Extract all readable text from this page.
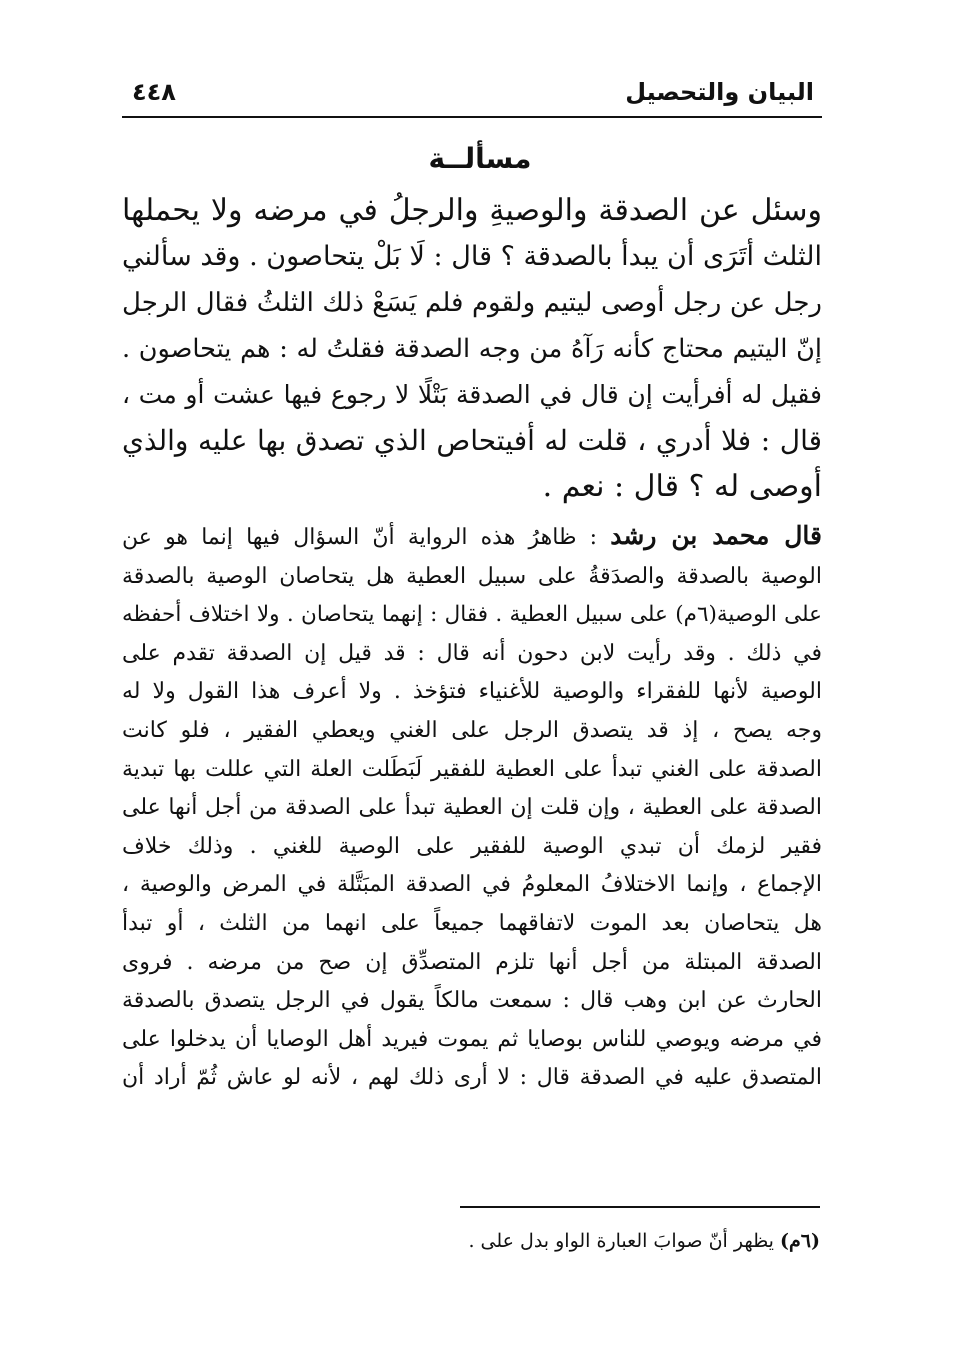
٤٤٨	البيان والتحصيل
مسألــة
وسئل عن الصدقة والوصيةِ والرجلُ في مرضه ولا يحملها
الثلث أتَرَى أن يبدأ بالصدقة ؟ قال : لَا بَلْ يتحاصون . وقد سألني
رجل عن رجل أوصى ليتيم ولقوم فلم يَسَعْ ذلك الثلثُ فقال الرجل
إنّ اليتيم محتاج كأنه رَآهُ من وجه الصدقة فقلتُ له : هم يتحاصون .
فقيل له أفرأيت إن قال في الصدقة بَتْلًا لا رجوع فيها عشت أو مت ،
قال : فلا أدري ، قلت له أفيتحاص الذي تصدق بها عليه والذي
أوصى له ؟ قال : نعم .
قال محمد بن رشد : ظاهرُ هذه الرواية أنّ السؤال فيها إنما هو عن
الوصية بالصدقة والصدَقةُ على سبيل العطية هل يتحاصان الوصية بالصدقة
على الوصية(٦م) على سبيل العطية . فقال : إنهما يتحاصان . ولا اختلاف أحفظه
في ذلك . وقد رأيت لابن دحون أنه قال : قد قيل إن الصدقة تقدم على
الوصية لأنها للفقراء والوصية للأغنياء فتؤخذ . ولا أعرف هذا القول ولا له
وجه يصح ، إذ قد يتصدق الرجل على الغني ويعطي الفقير ، فلو كانت
الصدقة على الغني تبدأ على العطية للفقير لَبَطَلت العلة التي عللت بها تبدية
الصدقة على العطية ، وإن قلت إن العطية تبدأ على الصدقة من أجل أنها على
فقير لزمك أن تبدي الوصية للفقير على الوصية للغني . وذلك خلاف
الإجماع ، وإنما الاختلافُ المعلومُ في الصدقة المبَتَّلة في المرض والوصية ،
هل يتحاصان بعد الموت لاتفاقهما جميعاً على انهما من الثلث ، أو تبدأ
الصدقة المبتلة من أجل أنها تلزم المتصدِّق إن صح من مرضه . فروى
الحارث عن ابن وهب قال : سمعت مالكاً يقول في الرجل يتصدق بالصدقة
في مرضه ويوصي للناس بوصايا ثم يموت فيريد أهل الوصايا أن يدخلوا على
المتصدق عليه في الصدقة قال : لا أرى ذلك لهم ، لأنه لو عاش ثُمّ أراد أن
(٦م) يظهر أنّ صوابَ العبارة الواو بدل على .
